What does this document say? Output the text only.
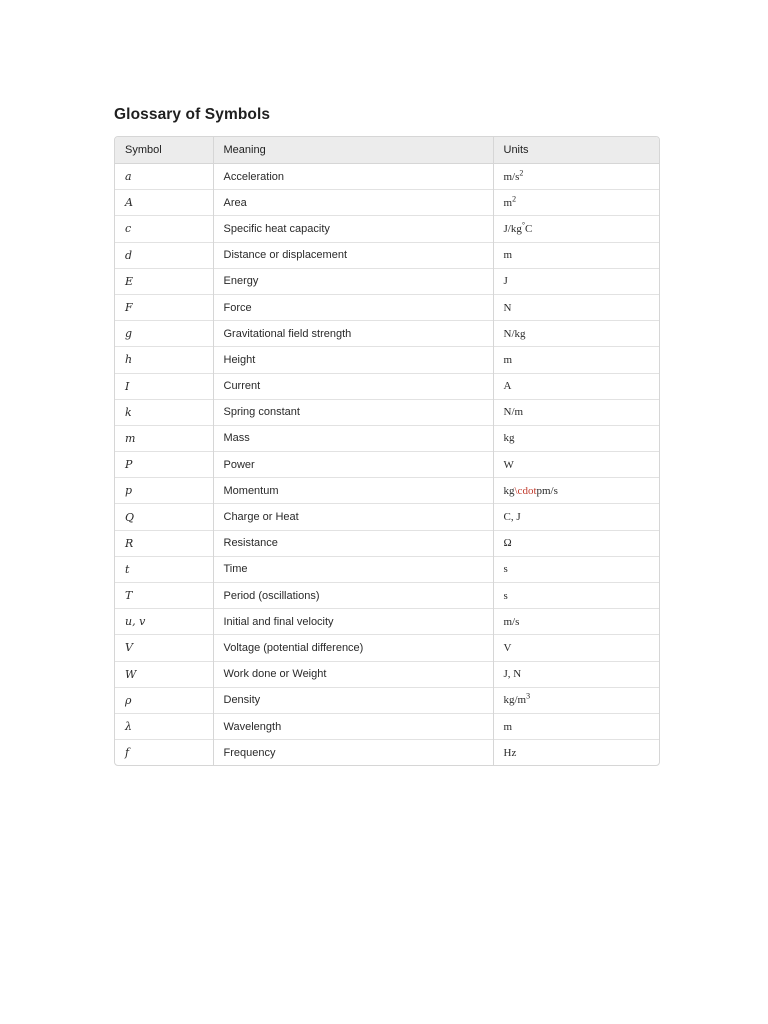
Glossary of Symbols
Symbol	Meaning	Units
a	Acceleration	$m/s^2$
A	Area	$m^2$
c	Specific heat capacity	J/kg°C
d	Distance or displacement	m
E	Energy	J
F	Force	N
g	Gravitational field strength	N/kg
h	Height	m
I	Current	A
k	Spring constant	N/m
m	Mass	kg
P	Power	W
p	Momentum	kg\cdotpm/s
Q	Charge or Heat	C, J
R	Resistance	Ω
t	Time	s
T	Period (oscillations)	s
u, v	Initial and final velocity	m/s
V	Voltage (potential difference)	V
W	Work done or Weight	J, N
ρ	Density	$kg/m^3$
λ	Wavelength	m
f	Frequency	Hz
